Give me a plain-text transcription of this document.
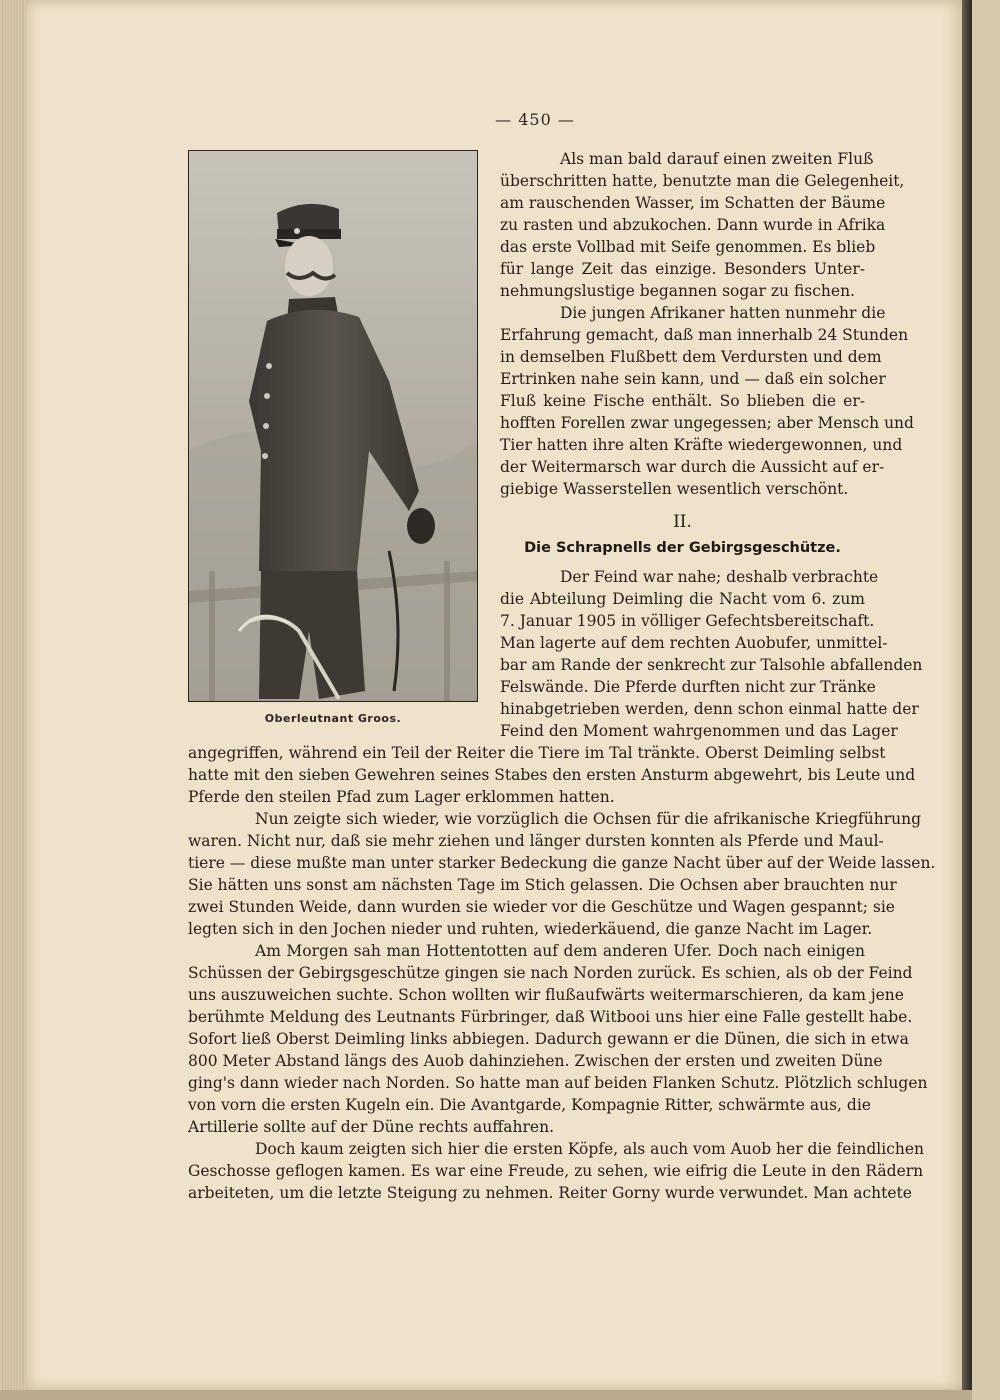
— 450 —
Oberleutnant Groos.

Als man bald darauf einen zweiten Fluß

überschritten hatte, benutzte man die Gelegenheit,

am rauschenden Wasser, im Schatten der Bäume

zu rasten und abzukochen. Dann wurde in Afrika

das erste Vollbad mit Seife genommen. Es blieb

für lange Zeit das einzige. Besonders Unter-

nehmungslustige begannen sogar zu fischen.

Die jungen Afrikaner hatten nunmehr die

Erfahrung gemacht, daß man innerhalb 24 Stunden

in demselben Flußbett dem Verdursten und dem

Ertrinken nahe sein kann, und — daß ein solcher

Fluß keine Fische enthält. So blieben die er-

hofften Forellen zwar ungegessen; aber Mensch und

Tier hatten ihre alten Kräfte wiedergewonnen, und

der Weitermarsch war durch die Aussicht auf er-

giebige Wasserstellen wesentlich verschönt.

II.
Die Schrapnells der Gebirgsgeschütze.

Der Feind war nahe; deshalb verbrachte

die Abteilung Deimling die Nacht vom 6. zum

7. Januar 1905 in völliger Gefechtsbereitschaft.

Man lagerte auf dem rechten Auobufer, unmittel-

bar am Rande der senkrecht zur Talsohle abfallenden

Felswände. Die Pferde durften nicht zur Tränke

hinabgetrieben werden, denn schon einmal hatte der

Feind den Moment wahrgenommen und das Lager

angegriffen, während ein Teil der Reiter die Tiere im Tal tränkte. Oberst Deimling selbst

hatte mit den sieben Gewehren seines Stabes den ersten Ansturm abgewehrt, bis Leute und

Pferde den steilen Pfad zum Lager erklommen hatten.

Nun zeigte sich wieder, wie vorzüglich die Ochsen für die afrikanische Kriegführung

waren. Nicht nur, daß sie mehr ziehen und länger dursten konnten als Pferde und Maul-

tiere — diese mußte man unter starker Bedeckung die ganze Nacht über auf der Weide lassen.

Sie hätten uns sonst am nächsten Tage im Stich gelassen. Die Ochsen aber brauchten nur

zwei Stunden Weide, dann wurden sie wieder vor die Geschütze und Wagen gespannt; sie

legten sich in den Jochen nieder und ruhten, wiederkäuend, die ganze Nacht im Lager.

Am Morgen sah man Hottentotten auf dem anderen Ufer. Doch nach einigen

Schüssen der Gebirgsgeschütze gingen sie nach Norden zurück. Es schien, als ob der Feind

uns auszuweichen suchte. Schon wollten wir flußaufwärts weitermarschieren, da kam jene

berühmte Meldung des Leutnants Fürbringer, daß Witbooi uns hier eine Falle gestellt habe.

Sofort ließ Oberst Deimling links abbiegen. Dadurch gewann er die Dünen, die sich in etwa

800 Meter Abstand längs des Auob dahinziehen. Zwischen der ersten und zweiten Düne

ging's dann wieder nach Norden. So hatte man auf beiden Flanken Schutz. Plötzlich schlugen

von vorn die ersten Kugeln ein. Die Avantgarde, Kompagnie Ritter, schwärmte aus, die

Artillerie sollte auf der Düne rechts auffahren.

Doch kaum zeigten sich hier die ersten Köpfe, als auch vom Auob her die feindlichen

Geschosse geflogen kamen. Es war eine Freude, zu sehen, wie eifrig die Leute in den Rädern

arbeiteten, um die letzte Steigung zu nehmen. Reiter Gorny wurde verwundet. Man achtete
